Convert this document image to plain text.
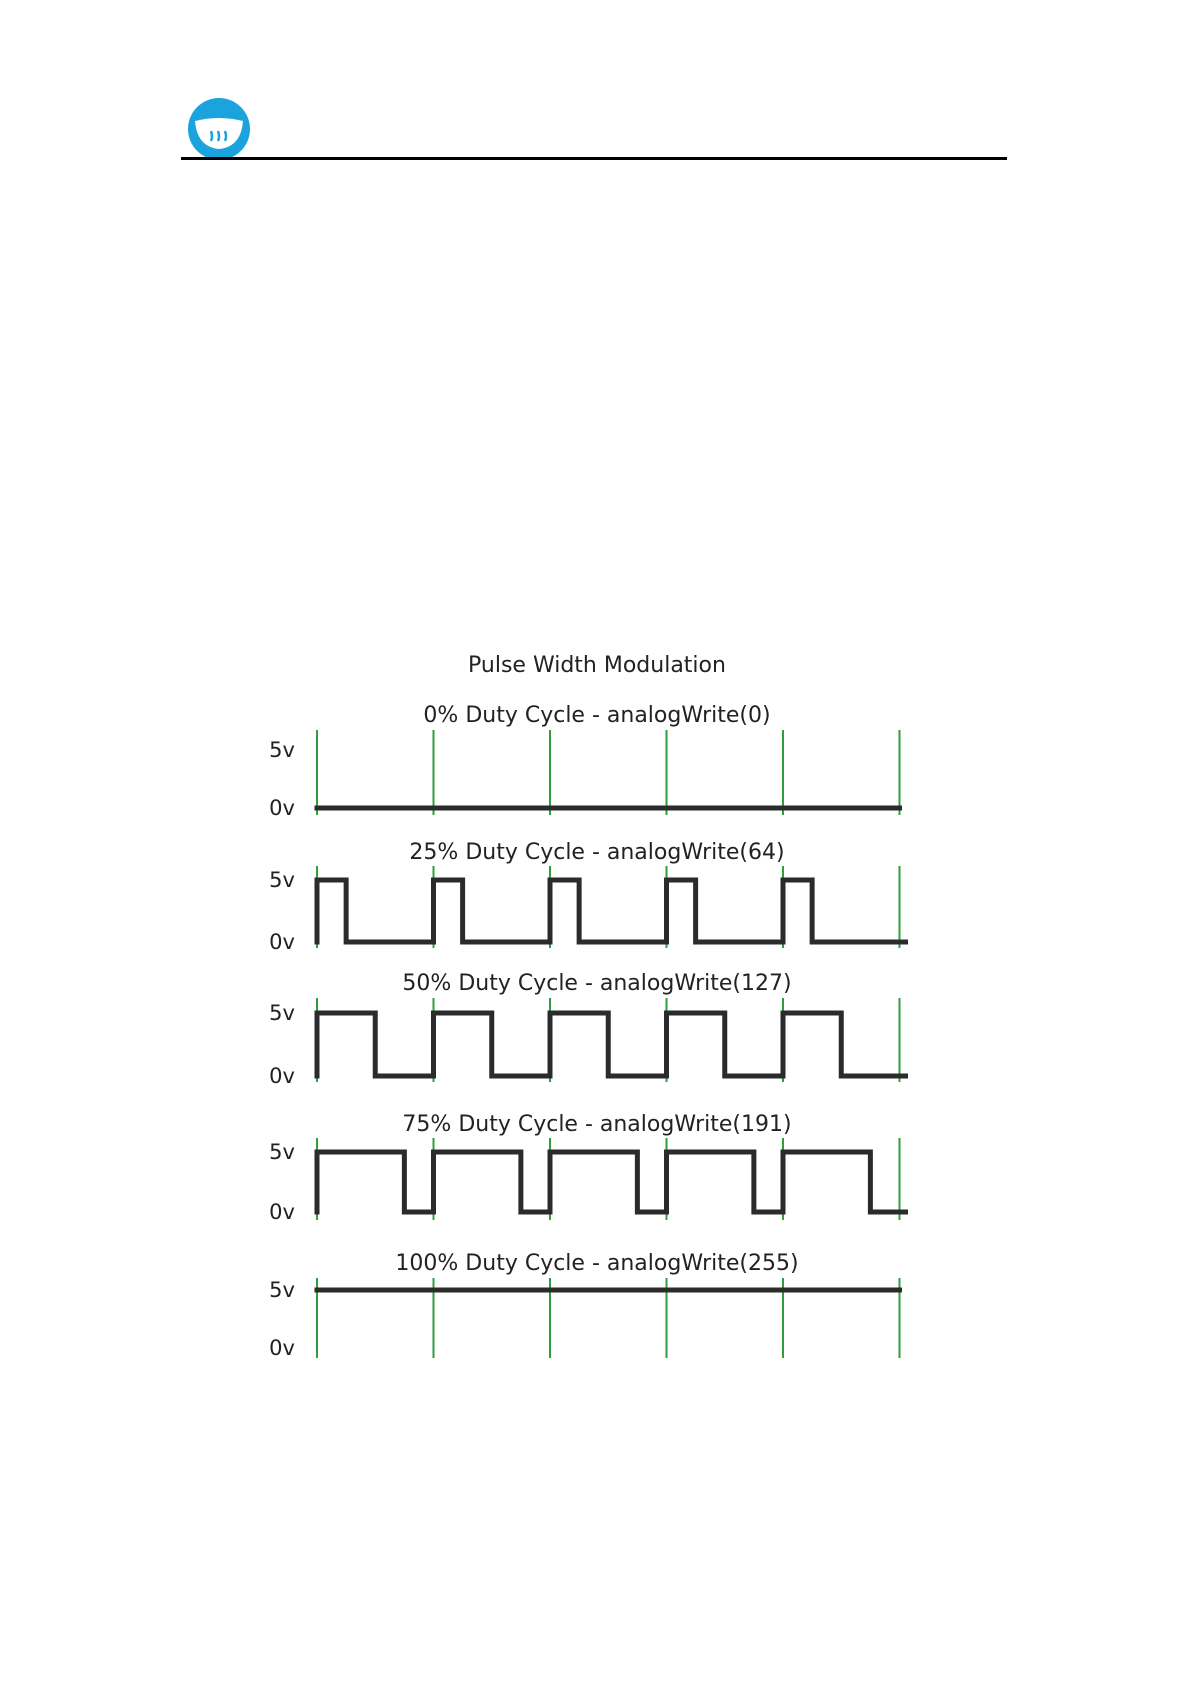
Pulse Width Modulation
0% Duty Cycle - analogWrite(0)
5v
0v
25% Duty Cycle - analogWrite(64)
5v
0v
50% Duty Cycle - analogWrite(127)
5v
0v
75% Duty Cycle - analogWrite(191)
5v
0v
100% Duty Cycle - analogWrite(255)
5v
0v
